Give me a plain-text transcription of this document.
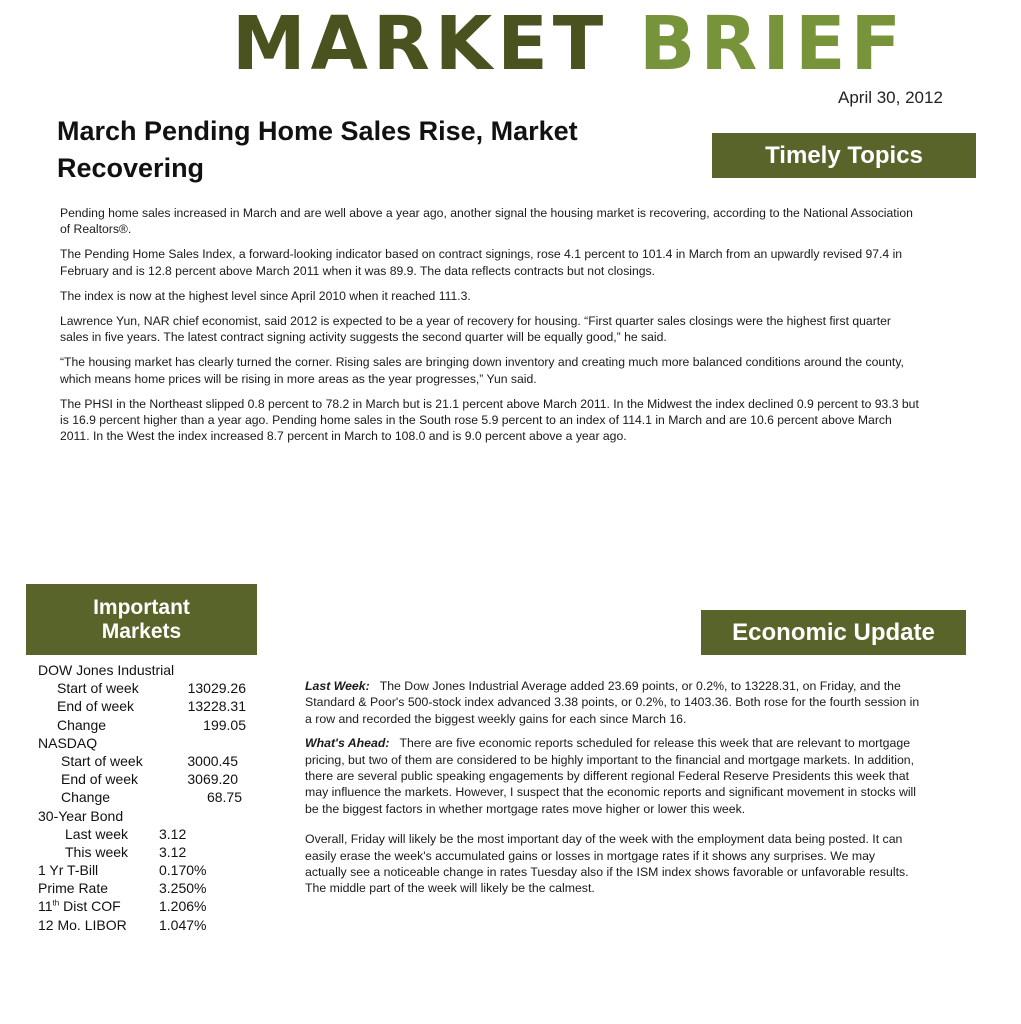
MARKET BRIEF
April 30, 2012
March Pending Home Sales Rise, Market Recovering	Timely Topics

Pending home sales increased in March and are well above a year ago, another signal the housing market is recovering, according to the National Association of Realtors®.

The Pending Home Sales Index, a forward-looking indicator based on contract signings, rose 4.1 percent to 101.4 in March from an upwardly revised 97.4 in February and is 12.8 percent above March 2011 when it was 89.9. The data reflects contracts but not closings.

The index is now at the highest level since April 2010 when it reached 111.3.

Lawrence Yun, NAR chief economist, said 2012 is expected to be a year of recovery for housing. “First quarter sales closings were the highest first quarter sales in five years. The latest contract signing activity suggests the second quarter will be equally good,” he said.

“The housing market has clearly turned the corner. Rising sales are bringing down inventory and creating much more balanced conditions around the county, which means home prices will be rising in more areas as the year progresses,” Yun said.

The PHSI in the Northeast slipped 0.8 percent to 78.2 in March but is 21.1 percent above March 2011. In the Midwest the index declined 0.9 percent to 93.3 but is 16.9 percent higher than a year ago. Pending home sales in the South rose 5.9 percent to an index of 114.1 in March and are 10.6 percent above March 2011. In the West the index increased 8.7 percent in March to 108.0 and is 9.0 percent above a year ago.

Important
Markets
DOW Jones Industrial
Start of week	13029.26
End of week	13228.31
Change	199.05
NASDAQ
Start of week	3000.45
End of week	3069.20
Change	68.75
30-Year Bond
Last week	3.12
This week	3.12
1 Yr T-Bill	0.170%
Prime Rate	3.250%
11th Dist COF	1.206%
12 Mo. LIBOR	1.047%
Economic Update

Last Week: The Dow Jones Industrial Average added 23.69 points, or 0.2%, to 13228.31, on Friday, and the Standard & Poor's 500-stock index advanced 3.38 points, or 0.2%, to 1403.36. Both rose for the fourth session in a row and recorded the biggest weekly gains for each since March 16.

What's Ahead: There are five economic reports scheduled for release this week that are relevant to mortgage pricing, but two of them are considered to be highly important to the financial and mortgage markets. In addition, there are several public speaking engagements by different regional Federal Reserve Presidents this week that may influence the markets. However, I suspect that the economic reports and significant movement in stocks will be the biggest factors in whether mortgage rates move higher or lower this week.

Overall, Friday will likely be the most important day of the week with the employment data being posted. It can easily erase the week's accumulated gains or losses in mortgage rates if it shows any surprises. We may actually see a noticeable change in rates Tuesday also if the ISM index shows favorable or unfavorable results. The middle part of the week will likely be the calmest.
